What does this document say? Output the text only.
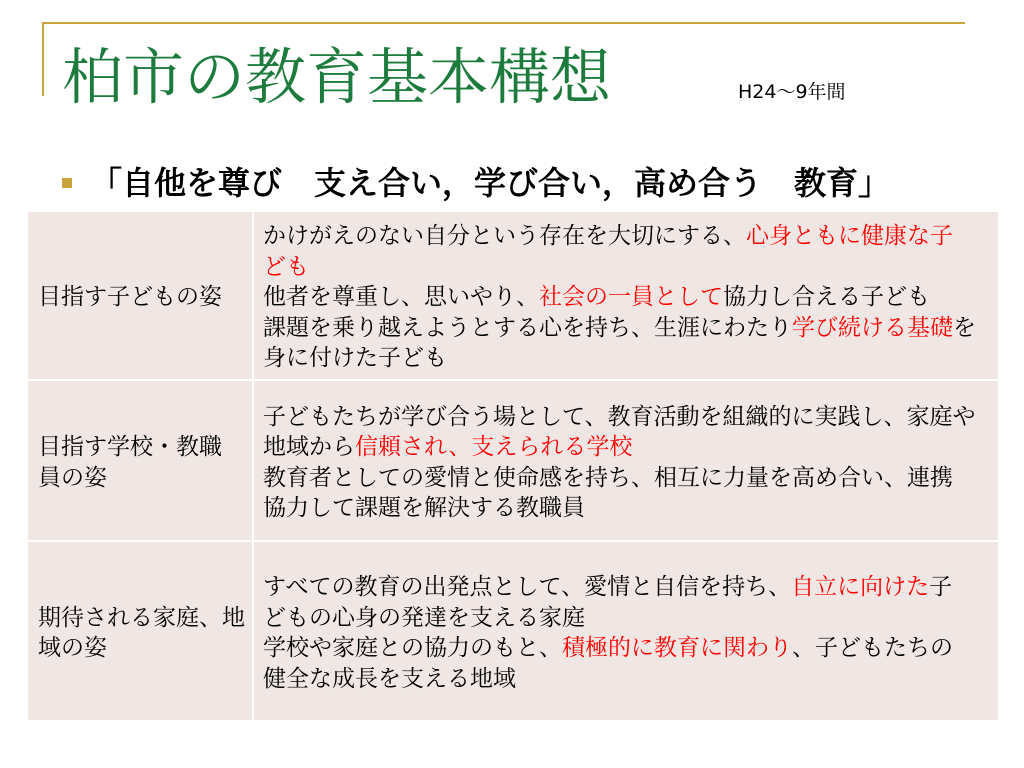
柏市の教育基本構想	H24～9年間
「自他を尊び　支え合い，学び合い，高め合う　教育」
目指す子どもの姿
かけがえのない自分という存在を大切にする、心身ともに健康な子
ども
他者を尊重し、思いやり、社会の一員として協力し合える子ども
課題を乗り越えようとする心を持ち、生涯にわたり学び続ける基礎を
身に付けた子ども
目指す学校・教職
員の姿
子どもたちが学び合う場として、教育活動を組織的に実践し、家庭や
地域から信頼され、支えられる学校
教育者としての愛情と使命感を持ち、相互に力量を高め合い、連携
協力して課題を解決する教職員
期待される家庭、地
域の姿
すべての教育の出発点として、愛情と自信を持ち、自立に向けた子
どもの心身の発達を支える家庭
学校や家庭との協力のもと、積極的に教育に関わり、子どもたちの
健全な成長を支える地域
